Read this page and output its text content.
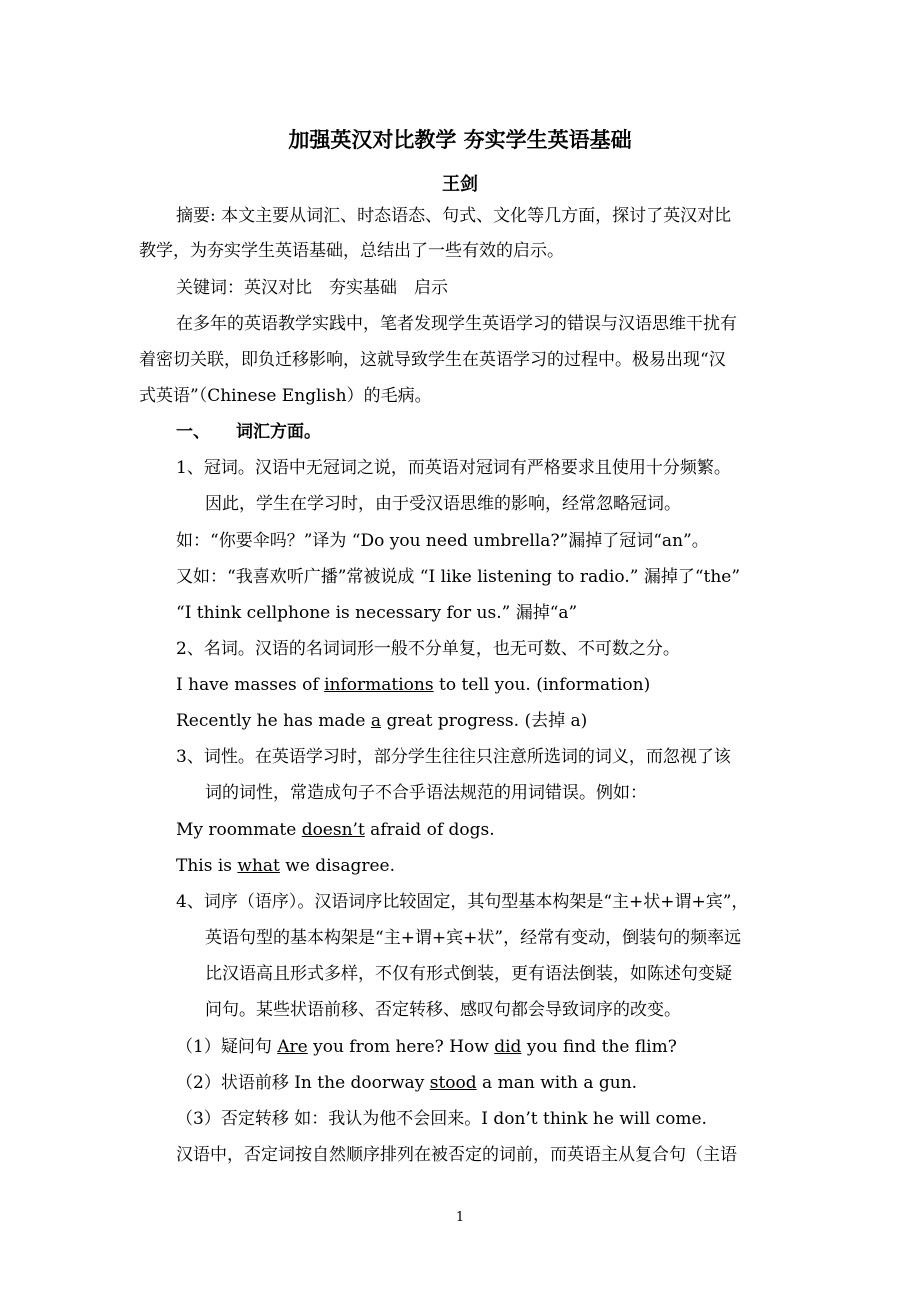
加强英汉对比教学 夯实学生英语基础
王剑
摘要: 本文主要从词汇、时态语态、句式、文化等几方面，探讨了英汉对比
教学，为夯实学生英语基础，总结出了一些有效的启示。
关键词：英汉对比　夯实基础　启示
在多年的英语教学实践中，笔者发现学生英语学习的错误与汉语思维干扰有
着密切关联，即负迁移影响，这就导致学生在英语学习的过程中。极易出现“汉
式英语”（Chinese English）的毛病。
一、 词汇方面。
1、冠词。汉语中无冠词之说，而英语对冠词有严格要求且使用十分频繁。
因此，学生在学习时，由于受汉语思维的影响，经常忽略冠词。
如：“你要伞吗？”译为 “Do you need umbrella?”漏掉了冠词“an”。
又如：“我喜欢听广播”常被说成 “I like listening to radio.” 漏掉了“the”
“I think cellphone is necessary for us.” 漏掉“a”
2、名词。汉语的名词词形一般不分单复，也无可数、不可数之分。
I have masses of informations to tell you. (information)
Recently he has made a great progress. (去掉 a)
3、词性。在英语学习时，部分学生往往只注意所选词的词义，而忽视了该
词的词性，常造成句子不合乎语法规范的用词错误。例如：
My roommate doesn’t afraid of dogs.
This is what we disagree.
4、词序（语序）。汉语词序比较固定，其句型基本构架是“主+状+谓+宾”，
英语句型的基本构架是“主+谓+宾+状”，经常有变动，倒装句的频率远
比汉语高且形式多样，不仅有形式倒装，更有语法倒装，如陈述句变疑
问句。某些状语前移、否定转移、感叹句都会导致词序的改变。
（1）疑问句 Are you from here? How did you find the flim?
（2）状语前移 In the doorway stood a man with a gun.
（3）否定转移 如：我认为他不会回来。I don’t think he will come.
汉语中，否定词按自然顺序排列在被否定的词前，而英语主从复合句（主语
1
